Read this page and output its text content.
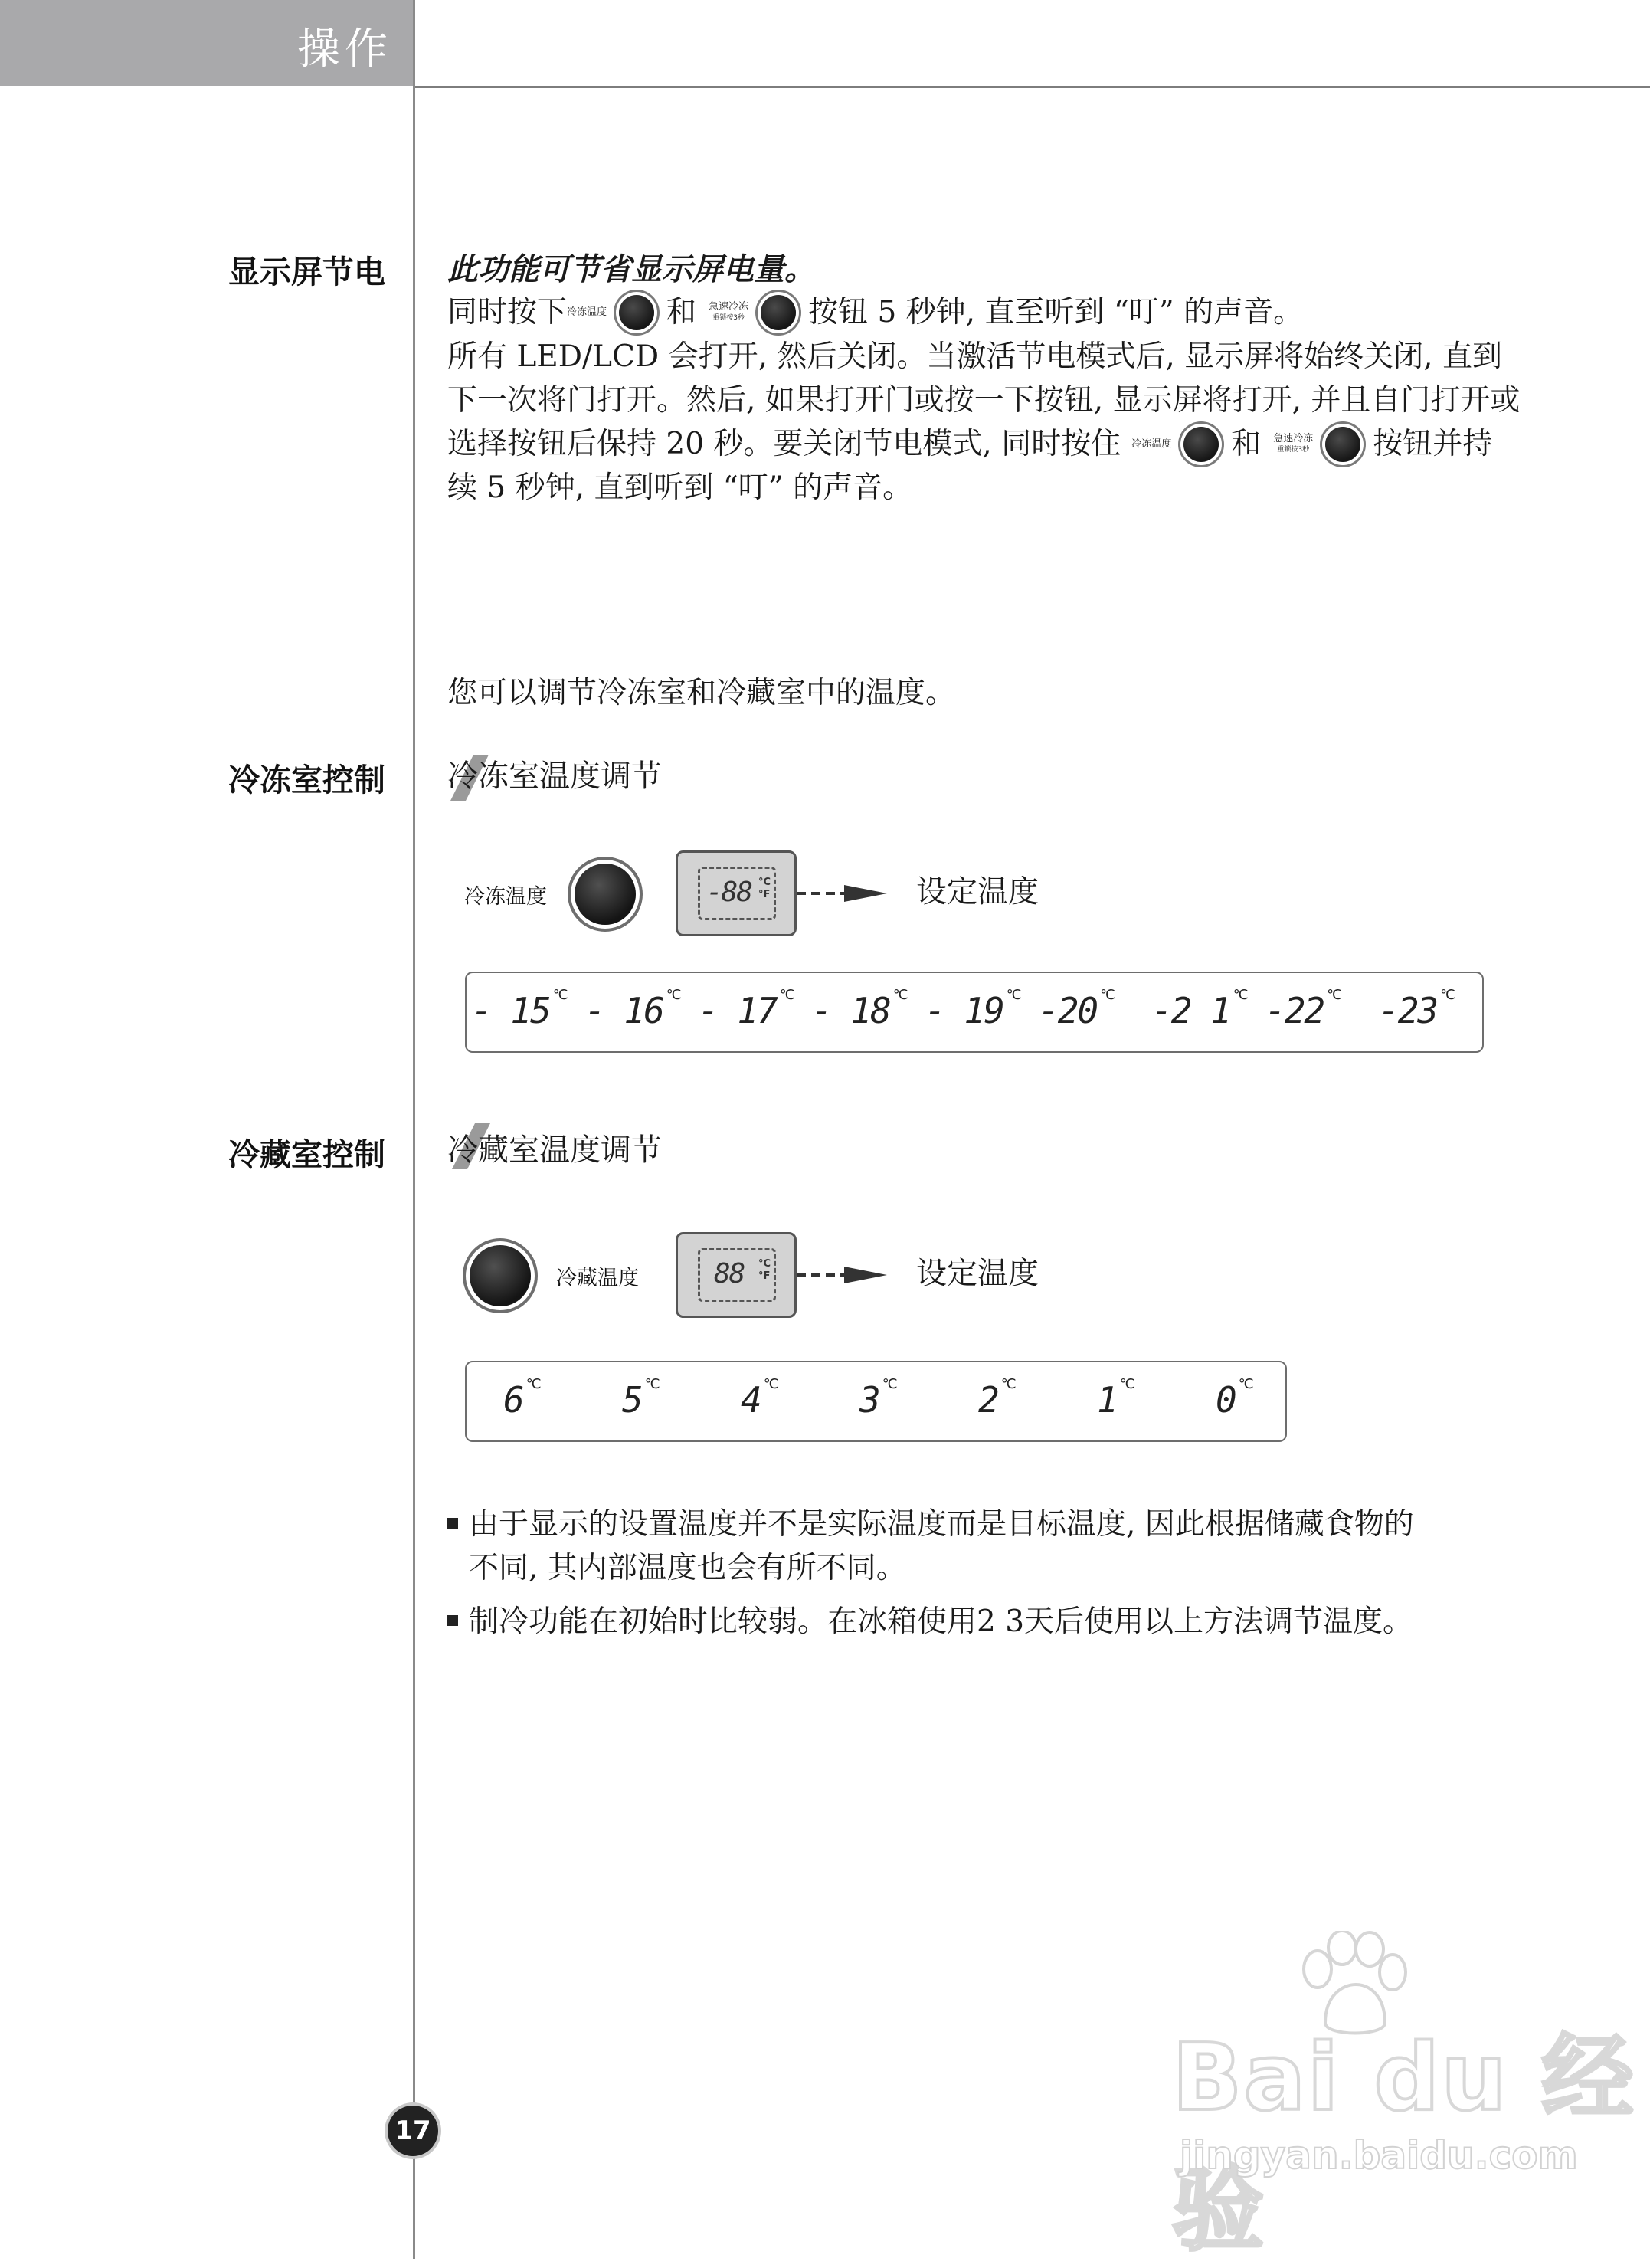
操作
显示屏节电 此功能可节省显示屏电量。
同时按下 冷冻温度 和 急速冷冻
重锁按3秒 按钮 5 秒钟, 直至听到 “叮” 的声音。
所有 LED/LCD 会打开, 然后关闭。当激活节电模式后, 显示屏将始终关闭, 直到
下一次将门打开。然后, 如果打开门或按一下按钮, 显示屏将打开, 并且自门打开或
选择按钮后保持 20 秒。要关闭节电模式, 同时按住 冷冻温度 和 急速冷冻
重锁按3秒 按钮并持
续 5 秒钟, 直到听到 “叮” 的声音。
您可以调节冷冻室和冷藏室中的温度。
冷冻室控制 冷冻室温度调节
冷冻温度	-88 °C
°F	设定温度
- 15 $^{^\circ C}$ - 16 $^{^\circ C}$ - 17 $^{^\circ C}$ - 18 $^{^\circ C}$ - 19 $^{^\circ C}$ -20 $^{^\circ C}$ -2 1 $^{^\circ C}$ -22 $^{^\circ C}$ -23 $^{^\circ C}$
冷藏室控制 冷藏室温度调节
冷藏温度	88 °C
°F	设定温度
6 $^{^\circ C}$ 5 $^{^\circ C}$ 4 $^{^\circ C}$ 3 $^{^\circ C}$ 2 $^{^\circ C}$ 1 $^{^\circ C}$ 0 $^{^\circ C}$
由于显示的设置温度并不是实际温度而是目标温度, 因此根据储藏食物的
不同, 其内部温度也会有所不同。
制冷功能在初始时比较弱。在冰箱使用2 3天后使用以上方法调节温度。
17	Bai du 经验
jingyan.baidu.com
